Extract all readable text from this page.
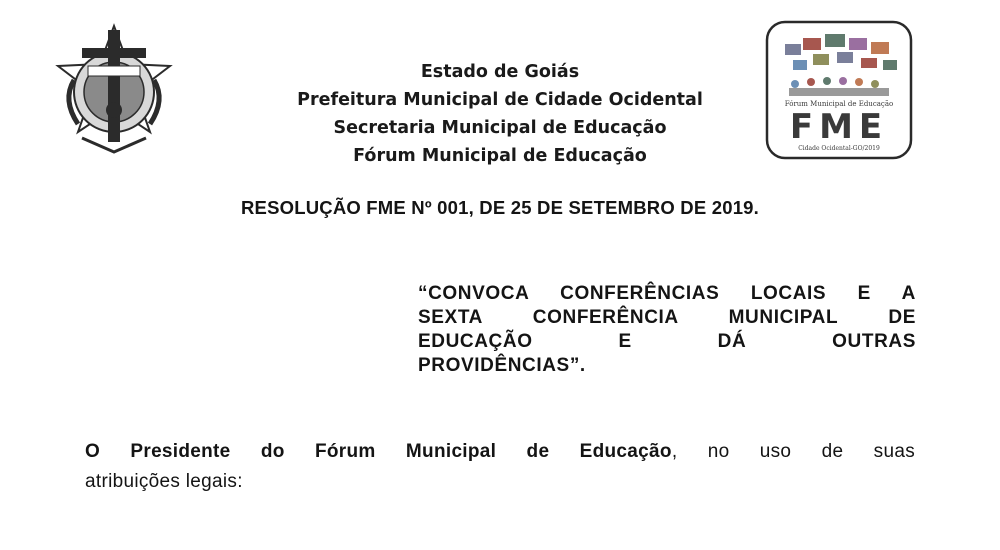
Estado de Goiás
Prefeitura Municipal de Cidade Ocidental
Secretaria Municipal de Educação
Fórum Municipal de Educação
Fórum Municipal de Educação
FME
Cidade Ocidental-GO/2019
RESOLUÇÃO FME Nº 001, DE 25 DE SETEMBRO DE 2019.
“CONVOCA CONFERÊNCIAS LOCAIS E A
SEXTA CONFERÊNCIA MUNICIPAL DE
EDUCAÇÃO E DÁ OUTRAS
PROVIDÊNCIAS”.
O Presidente do Fórum Municipal de Educação, no uso de suas
atribuições legais:
